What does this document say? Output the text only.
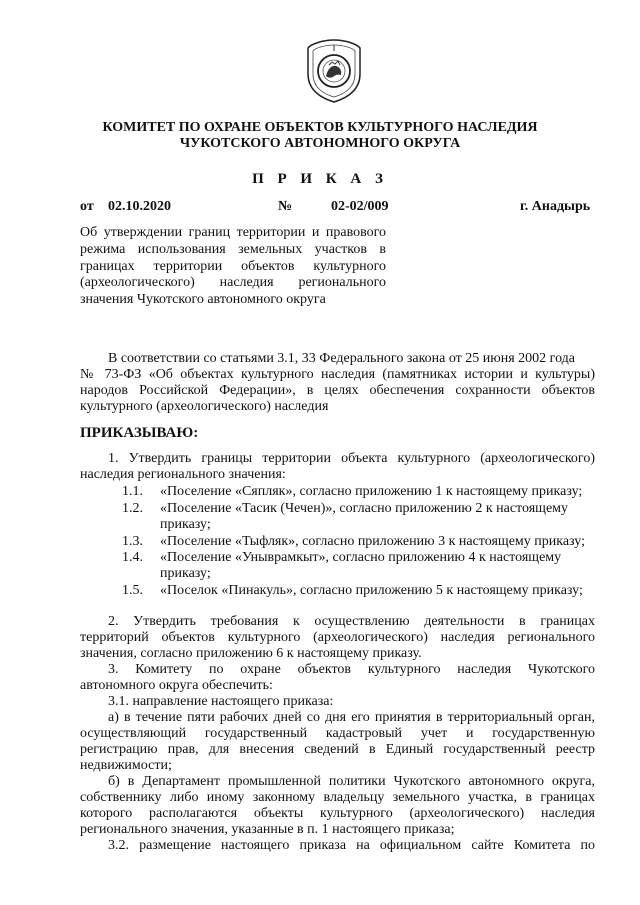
КОМИТЕТ ПО ОХРАНЕ ОБЪЕКТОВ КУЛЬТУРНОГО НАСЛЕДИЯ
ЧУКОТСКОГО АВТОНОМНОГО ОКРУГА
П Р И К А З
от 02.10.2020	№	02-02/009	г. Анадырь
Об утверждении границ территории и правового режима использования земельных участков в границах территории объектов культурного (археологического) наследия регионального значения Чукотского автономного округа
В соответствии со статьями 3.1, 33 Федерального закона от 25 июня 2002 года
№ 73-ФЗ «Об объектах культурного наследия (памятниках истории и культуры)
народов Российской Федерации», в целях обеспечения сохранности объектов
культурного (археологического) наследия
ПРИКАЗЫВАЮ:
1. Утвердить границы территории объекта культурного (археологического)
наследия регионального значения:
1.1. «Поселение «Сяпляк», согласно приложению 1 к настоящему приказу;
1.2. «Поселение «Тасик (Чечен)», согласно приложению 2 к настоящему приказу;
1.3. «Поселение «Тыфляк», согласно приложению 3 к настоящему приказу;
1.4. «Поселение «Уныврамкыт», согласно приложению 4 к настоящему приказу;
1.5. «Поселок «Пинакуль», согласно приложению 5 к настоящему приказу;
2. Утвердить требования к осуществлению деятельности в границах
территорий объектов культурного (археологического) наследия регионального
значения, согласно приложению 6 к настоящему приказу.
3. Комитету по охране объектов культурного наследия Чукотского
автономного округа обеспечить:
3.1. направление настоящего приказа:
а) в течение пяти рабочих дней со дня его принятия в территориальный орган,
осуществляющий государственный кадастровый учет и государственную
регистрацию прав, для внесения сведений в Единый государственный реестр
недвижимости;
б) в Департамент промышленной политики Чукотского автономного округа,
собственнику либо иному законному владельцу земельного участка, в границах
которого располагаются объекты культурного (археологического) наследия
регионального значения, указанные в п. 1 настоящего приказа;
3.2. размещение настоящего приказа на официальном сайте Комитета по
